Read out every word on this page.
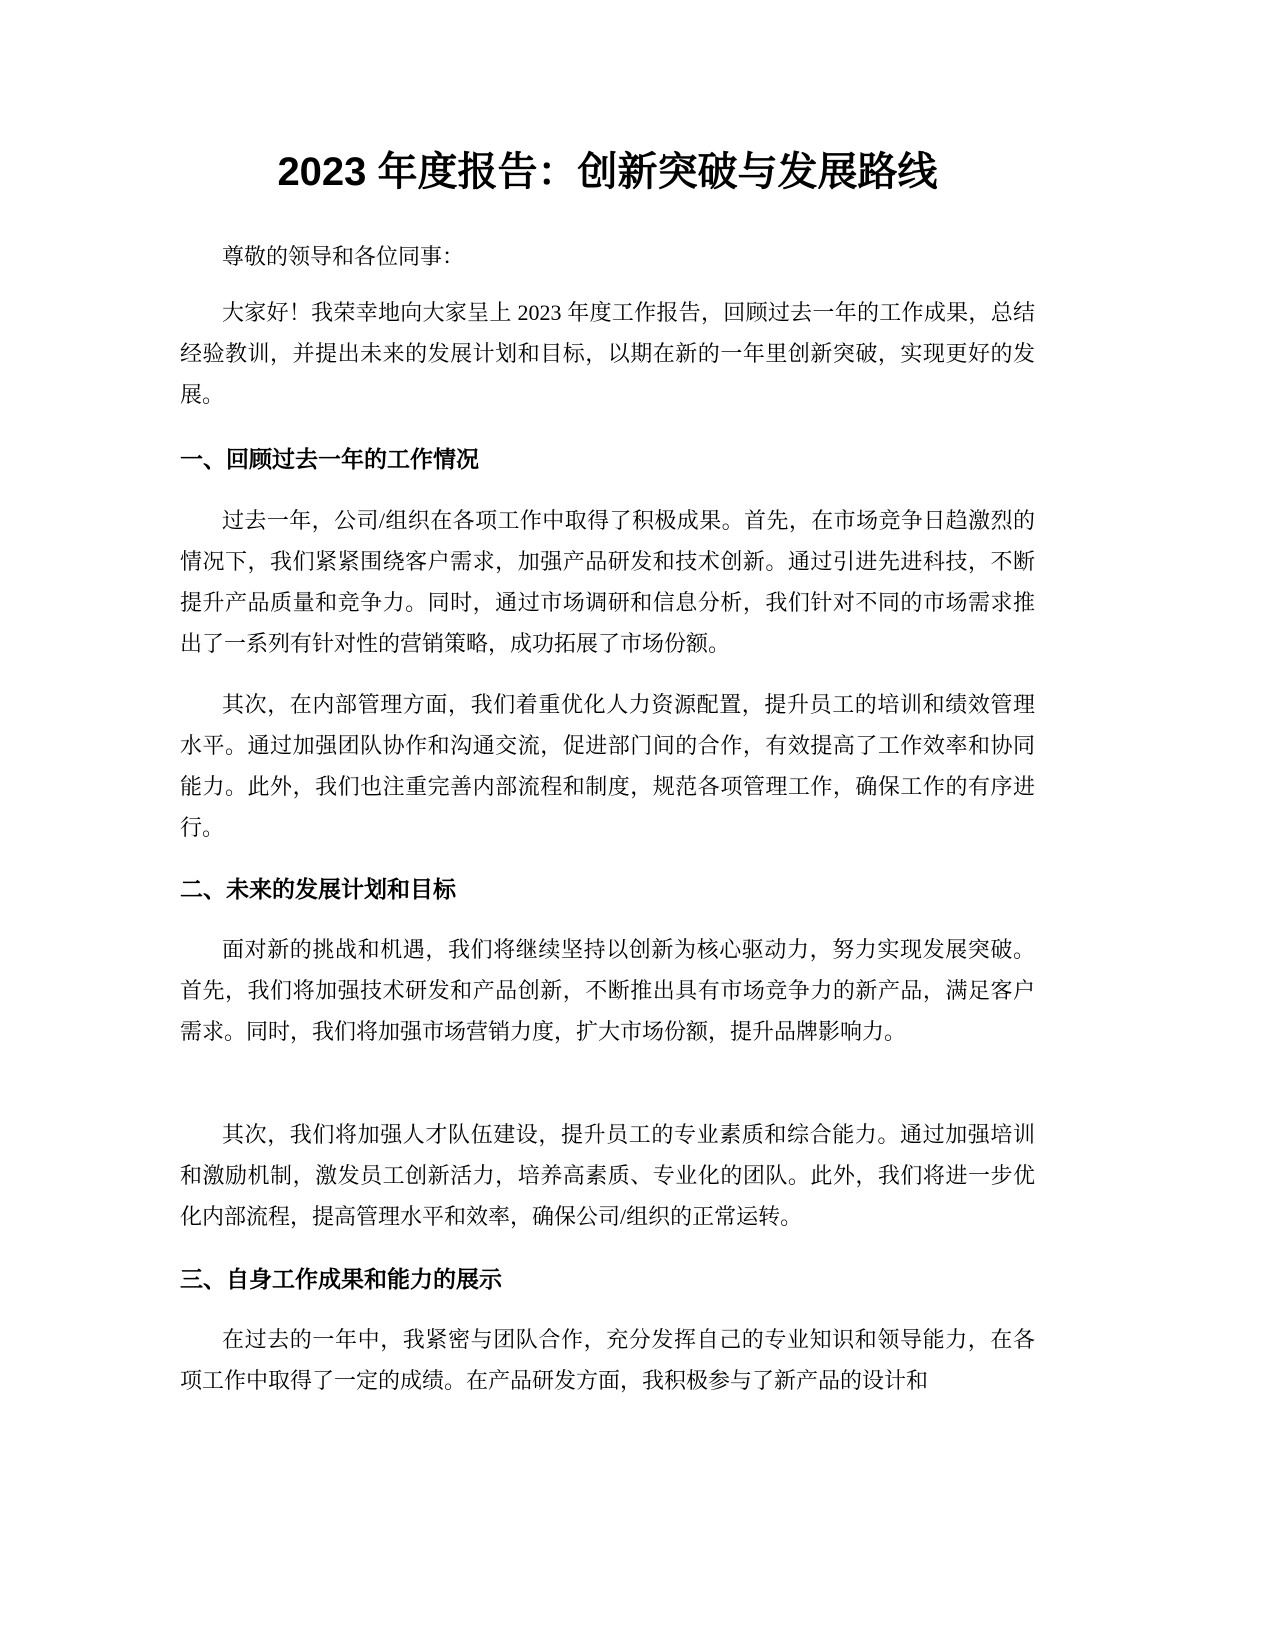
2023 年度报告：创新突破与发展路线

尊敬的领导和各位同事：

大家好！我荣幸地向大家呈上 2023 年度工作报告，回顾过去一年的工作成果，总结经验教训，并提出未来的发展计划和目标，以期在新的一年里创新突破，实现更好的发展。

一、回顾过去一年的工作情况

过去一年，公司/组织在各项工作中取得了积极成果。首先，在市场竞争日趋激烈的情况下，我们紧紧围绕客户需求，加强产品研发和技术创新。通过引进先进科技，不断提升产品质量和竞争力。同时，通过市场调研和信息分析，我们针对不同的市场需求推出了一系列有针对性的营销策略，成功拓展了市场份额。

其次，在内部管理方面，我们着重优化人力资源配置，提升员工的培训和绩效管理水平。通过加强团队协作和沟通交流，促进部门间的合作，有效提高了工作效率和协同能力。此外，我们也注重完善内部流程和制度，规范各项管理工作，确保工作的有序进行。

二、未来的发展计划和目标

面对新的挑战和机遇，我们将继续坚持以创新为核心驱动力，努力实现发展突破。首先，我们将加强技术研发和产品创新，不断推出具有市场竞争力的新产品，满足客户需求。同时，我们将加强市场营销力度，扩大市场份额，提升品牌影响力。

其次，我们将加强人才队伍建设，提升员工的专业素质和综合能力。通过加强培训和激励机制，激发员工创新活力，培养高素质、专业化的团队。此外，我们将进一步优化内部流程，提高管理水平和效率，确保公司/组织的正常运转。

三、自身工作成果和能力的展示

在过去的一年中，我紧密与团队合作，充分发挥自己的专业知识和领导能力，在各项工作中取得了一定的成绩。在产品研发方面，我积极参与了新产品的设计和
